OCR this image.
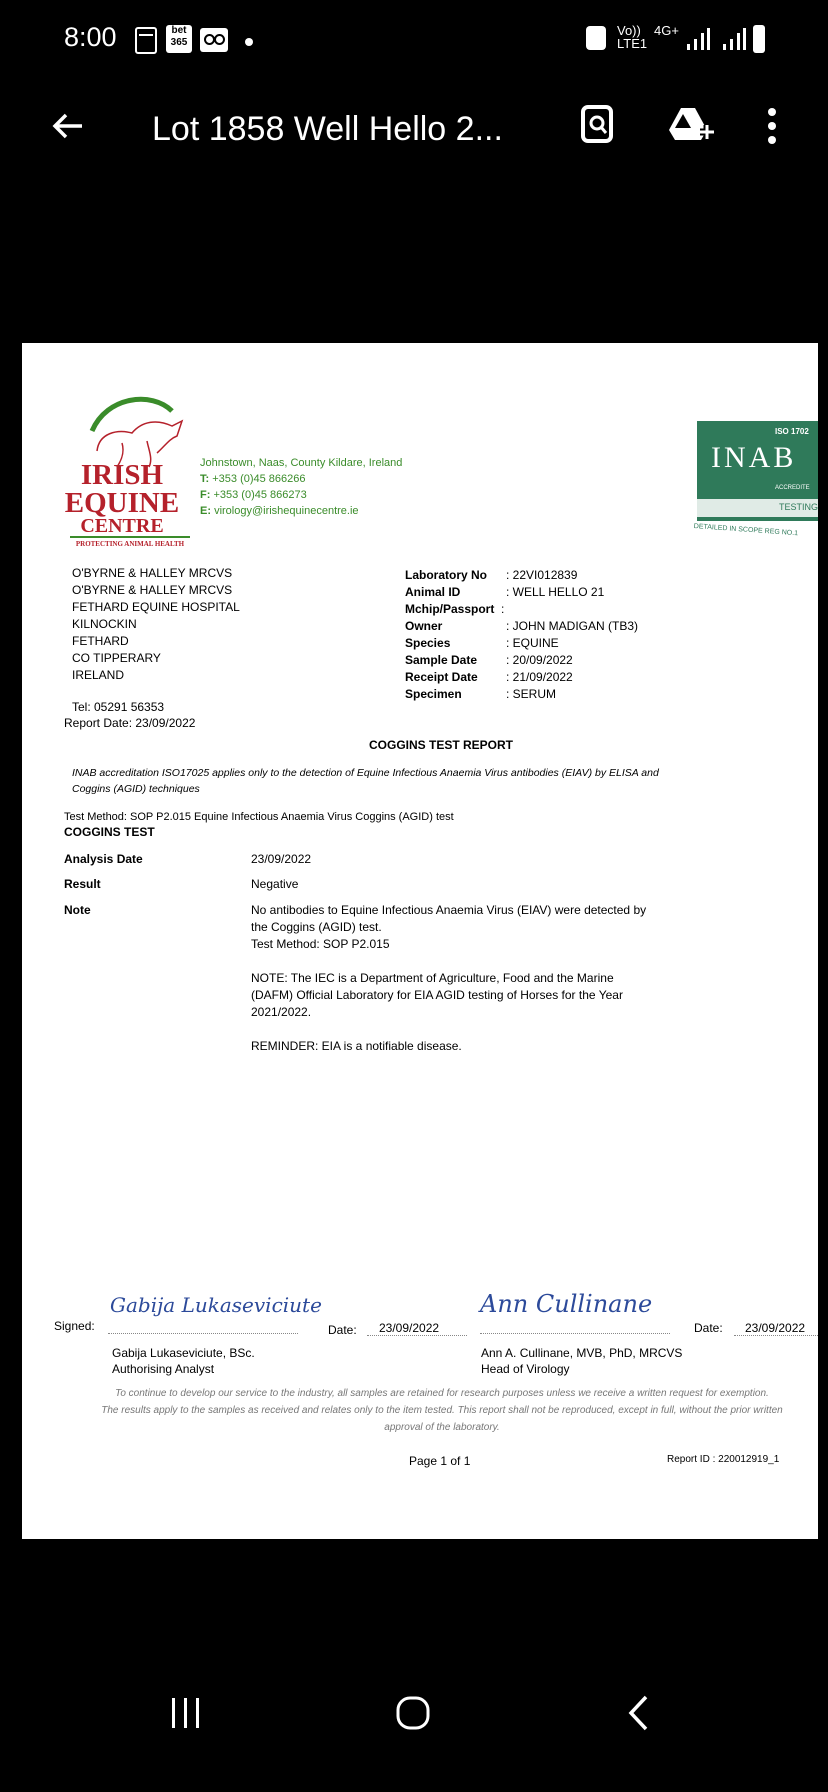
8:00	bet
365
Vo)) LTE1
4G+
Lot 1858 Well Hello 2...
IRISH
EQUINE
CENTRE
PROTECTING ANIMAL HEALTH
Johnstown, Naas, County Kildare, Ireland
T: +353 (0)45 866266
F: +353 (0)45 866273
E: virology@irishequinecentre.ie
ISO 1702
INAB
ACCREDITE
TESTING
DETAILED IN SCOPE REG NO.1
O'BYRNE & HALLEY MRCVS
O'BYRNE & HALLEY MRCVS
FETHARD EQUINE HOSPITAL
KILNOCKIN
FETHARD
CO TIPPERARY
IRELAND
Tel: 05291 56353
Report Date: 23/09/2022
Laboratory No : 22VI012839
Animal ID	: WELL HELLO 21
Mchip/Passport :
Owner	: JOHN MADIGAN (TB3)
Species	: EQUINE
Sample Date : 20/09/2022
Receipt Date : 21/09/2022
Specimen	: SERUM
COGGINS TEST REPORT
INAB accreditation ISO17025 applies only to the detection of Equine Infectious Anaemia Virus antibodies (EIAV) by ELISA and
Coggins (AGID) techniques
Test Method: SOP P2.015 Equine Infectious Anaemia Virus Coggins (AGID) test
COGGINS TEST
Analysis Date	23/09/2022
Result	Negative
Note	No antibodies to Equine Infectious Anaemia Virus (EIAV) were detected by
the Coggins (AGID) test.
Test Method: SOP P2.015
NOTE: The IEC is a Department of Agriculture, Food and the Marine
(DAFM) Official Laboratory for EIA AGID testing of Horses for the Year
2021/2022.
REMINDER: EIA is a notifiable disease.
Signed:
Gabija Lukaseviciute
Date: 23/09/2022
Ann Cullinane
Date: 23/09/2022
Gabija Lukaseviciute, BSc.
Authorising Analyst
Ann A. Cullinane, MVB, PhD, MRCVS
Head of Virology
To continue to develop our service to the industry, all samples are retained for research purposes unless we receive a written request for exemption.
The results apply to the samples as received and relates only to the item tested. This report shall not be reproduced, except in full, without the prior written approval of the laboratory.
Page 1 of 1	Report ID : 220012919_1
